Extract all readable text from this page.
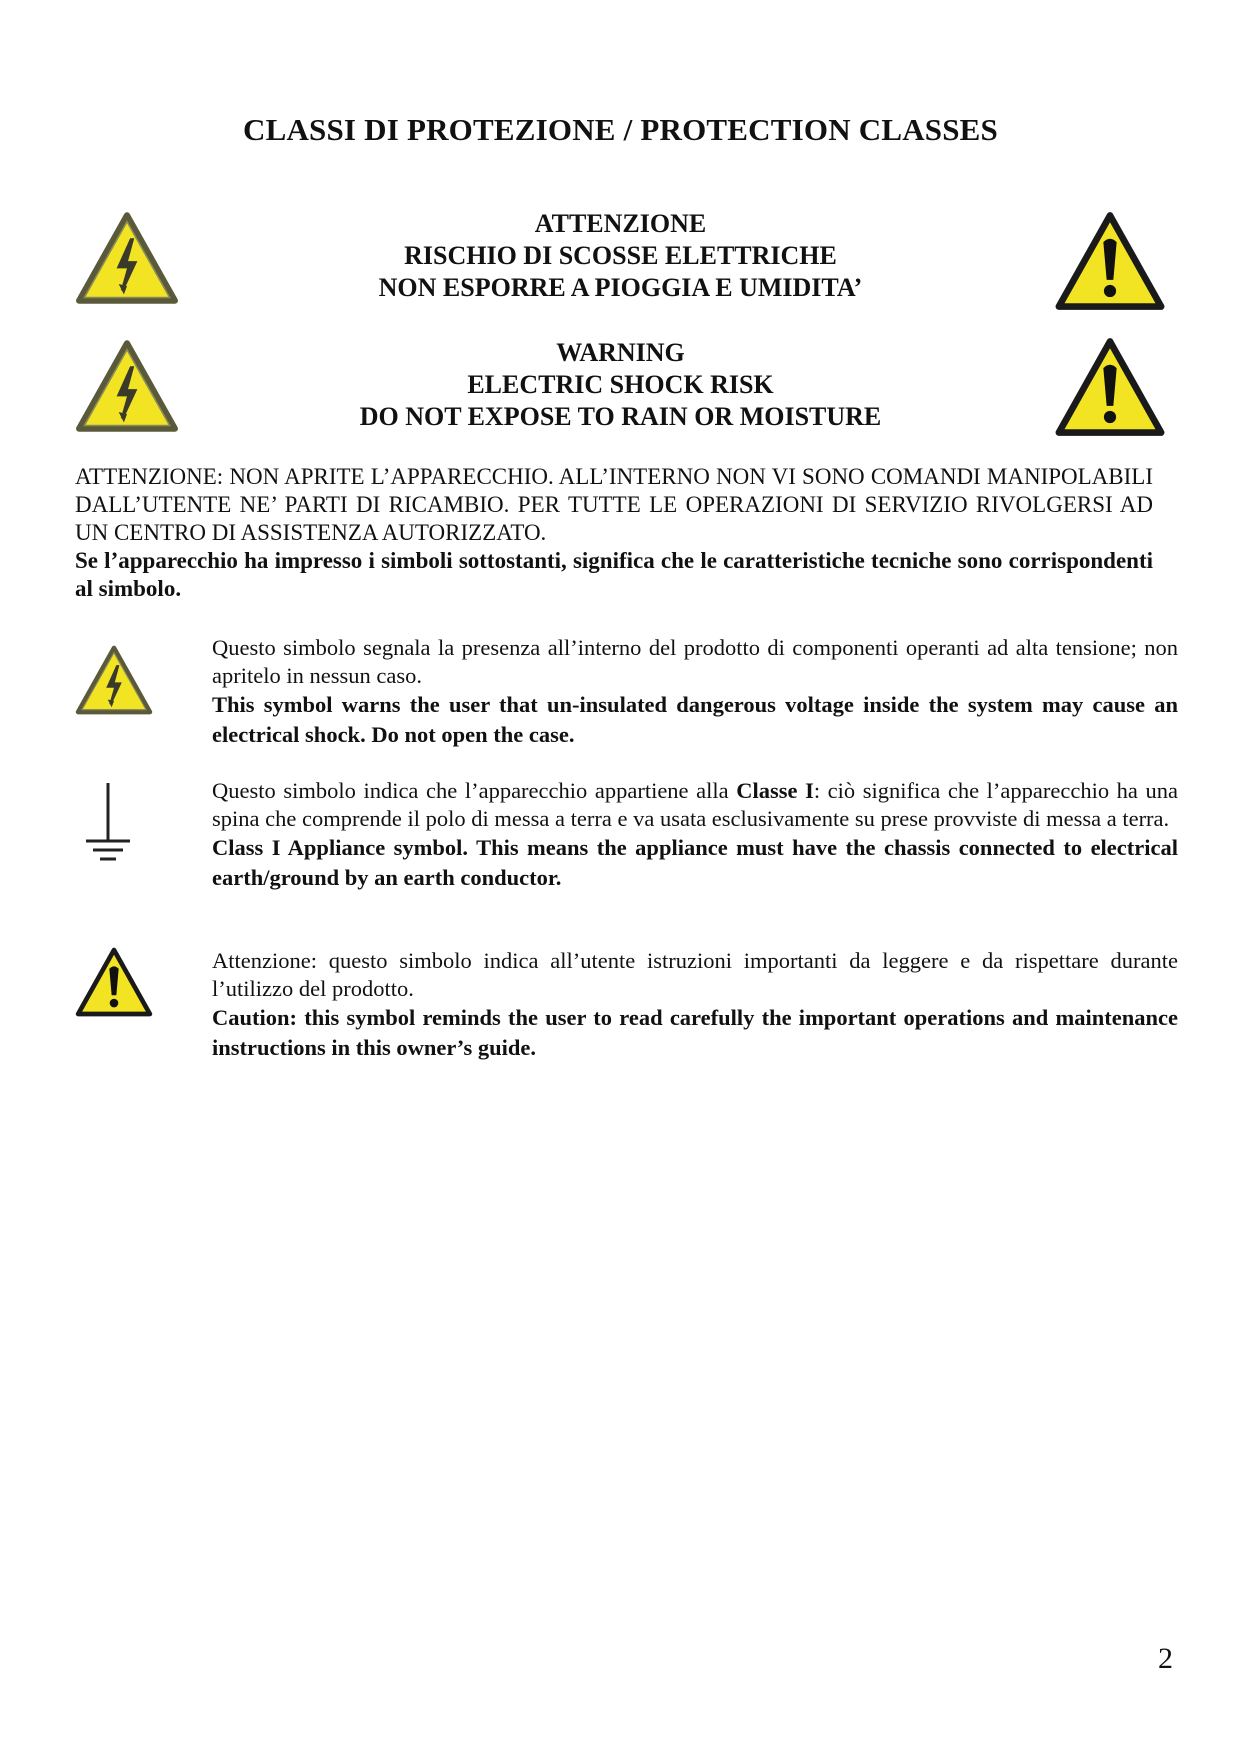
CLASSI DI PROTEZIONE / PROTECTION CLASSES
ATTENZIONE
RISCHIO DI SCOSSE ELETTRICHE
NON ESPORRE A PIOGGIA E UMIDITA’
WARNING
ELECTRIC SHOCK RISK
DO NOT EXPOSE TO RAIN OR MOISTURE
ATTENZIONE: NON APRITE L’APPARECCHIO. ALL’INTERNO NON VI SONO COMANDI MANIPOLABILI DALL’UTENTE NE’ PARTI DI RICAMBIO. PER TUTTE LE OPERAZIONI DI SERVIZIO RIVOLGERSI AD UN CENTRO DI ASSISTENZA AUTORIZZATO.
Se l’apparecchio ha impresso i simboli sottostanti, significa che le caratteristiche tecniche sono corrispondenti al simbolo.

Questo simbolo segnala la presenza all’interno del prodotto di componenti operanti ad alta tensione; non apritelo in nessun caso.

This symbol warns the user that un-insulated dangerous voltage inside the system may cause an electrical shock. Do not open the case.

Questo simbolo indica che l’apparecchio appartiene alla Classe I: ciò significa che l’apparecchio ha una spina che comprende il polo di messa a terra e va usata esclusivamente su prese provviste di messa a terra.

Class I Appliance symbol. This means the appliance must have the chassis connected to electrical earth/ground by an earth conductor.

Attenzione: questo simbolo indica all’utente istruzioni importanti da leggere e da rispettare durante l’utilizzo del prodotto.

Caution: this symbol reminds the user to read carefully the important operations and maintenance instructions in this owner’s guide.

2
